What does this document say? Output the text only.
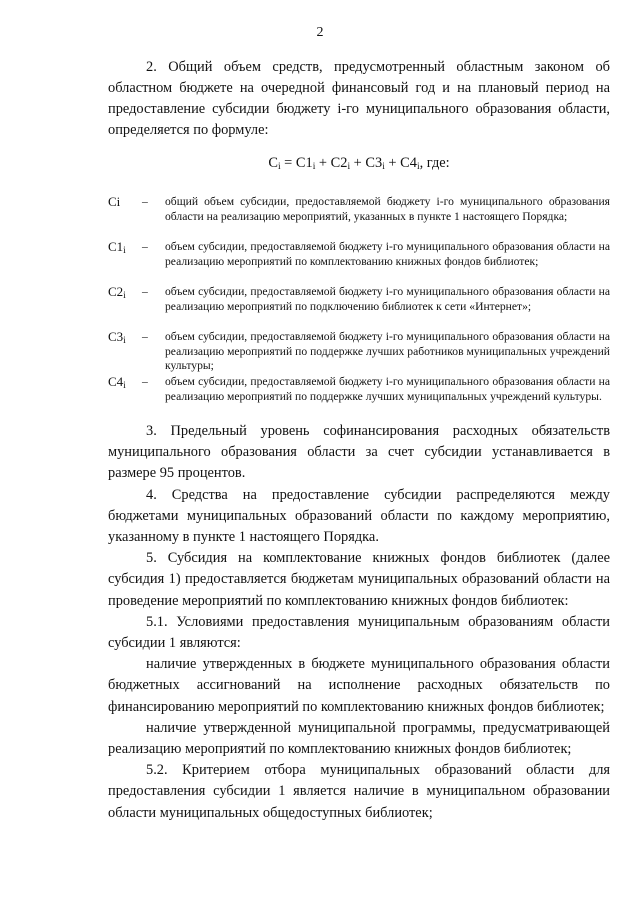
2

2. Общий объем средств, предусмотренный областным законом об областном бюджете на очередной финансовый год и на плановый период на предоставление субсидии бюджету i-го муниципального образования области, определяется по формуле:

$C_i = C1_i + C2_i + C3_i + C4_i$, где:
Ci – общий объем субсидии, предоставляемой бюджету i-го муниципального образования области на реализацию мероприятий, указанных в пункте 1 настоящего Порядка;
$C1_i$ – объем субсидии, предоставляемой бюджету i-го муниципального образования области на реализацию мероприятий по комплектованию книжных фондов библиотек;
$C2_i$ – объем субсидии, предоставляемой бюджету i-го муниципального образования области на реализацию мероприятий по подключению библиотек к сети «Интернет»;
$C3_i$ – объем субсидии, предоставляемой бюджету i-го муниципального образования области на реализацию мероприятий по поддержке лучших работников муниципальных учреждений культуры;
$C4_i$ – объем субсидии, предоставляемой бюджету i-го муниципального образования области на реализацию мероприятий по поддержке лучших муниципальных учреждений культуры.

3. Предельный уровень софинансирования расходных обязательств муниципального образования области за счет субсидии устанавливается в размере 95 процентов.

4. Средства на предоставление субсидии распределяются между бюджетами муниципальных образований области по каждому мероприятию, указанному в пункте 1 настоящего Порядка.

5. Субсидия на комплектование книжных фондов библиотек (далее субсидия 1) предоставляется бюджетам муниципальных образований области на проведение мероприятий по комплектованию книжных фондов библиотек:

5.1. Условиями предоставления муниципальным образованиям области субсидии 1 являются:

наличие утвержденных в бюджете муниципального образования области бюджетных ассигнований на исполнение расходных обязательств по финансированию мероприятий по комплектованию книжных фондов библиотек;

наличие утвержденной муниципальной программы, предусматривающей реализацию мероприятий по комплектованию книжных фондов библиотек;

5.2. Критерием отбора муниципальных образований области для предоставления субсидии 1 является наличие в муниципальном образовании области муниципальных общедоступных библиотек;
